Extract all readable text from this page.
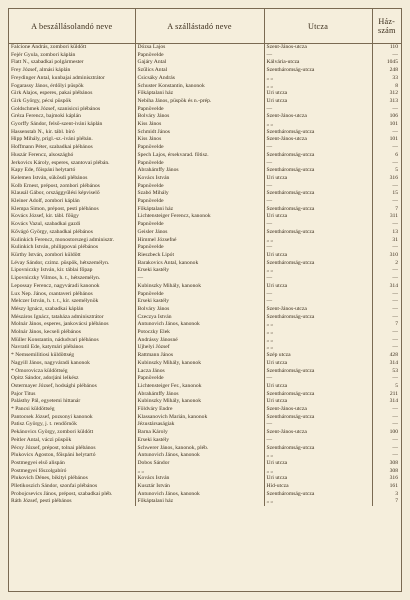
A beszállásolandó neve	A szállástadó neve	Utcza	Ház-
szám
Falcione András, zombori küldött	Dózsa Lajos	Szent-János-utcza	110
Fejér Gyula, zombori káplán	Papnövelde	—	—
Flatt N., szabadkai polgármester	Gajáry Antal	Kálvária-utcza	1045
Frey József, almási káplán	Szűlics Antal	Szentháromság-utcza	248
Freydinger Antal, kunbajai adminisztrátor	Csicsáky András	„ „	33
Fogarassy János, érdőlyi püspök	Schuster Konstantin, kanonok	„ „	8
Girk Alajos, esperes, pakai plébános	Főkáptalani ház	Úri utcza	312
Girk György, pécsi püspök	Nebiha János, püspök és n.-prép.	Úri utcza	313
Goldschmek József, szanisicsi plébános	Papnövelde	—	—
Gréza Ferencz, bajmoki káplán	Bolváry János	Szent-János-utcza	106
Gyorffy Sándor, felső-szent-iváni káplán	Kiss János	„ „	101
Hassenstab N., kir. tábl. bíró	Schmidt János	Szentháromság-utcza	—
Hipp Mihály, prigl.-sz.-iváni plébán.	Kiss János	Szent-János-utcza	101
Hoffmann Péter, szabadkai plébános	Papnövelde	—	—
Huszár Ferencz, alsoszághó	Spech Lajos, érsekvarad. főtisz.	Szentháromság-utcza	6
Jerkovics Károly, esperes, szantovai plébán.	Papnövelde	—	—
Kapy Ede, főispáni helytartó	Ábrahámffy János	Szentháromság-utcza	5
Kelemen István, sükösdi plébános	Kovács István	Úri utcza	316
Kolb Ernest, prépost, zombori plébános	Papnövelde	—	—
Klausál Gábor, országgyűlési képviselő	Szabó Mihály	Szentháromság-utcza	15
Kleiner Adolf, zombori káplán	Papnövelde	—	—
Klempa Simon, prépost, pesti plébános	Főkáptalani ház	Szentháromság-utcza	7
Kovács József, kir. tábl. főügy	Lichtensteiger Ferencz, kanonok	Úri utcza	311
Kovács Vazul, szabadkai gazdi	Papnövelde	—	—
Kővágó György, szabadkai plébános	Geisler János	Szentháromság-utcza	13
Kulinkich Ferencz, monostorszegi adminisztr.	Himmel Józsefné	„ „	31
Kulinkich István, philippovai plébános	Papnövelde	—	—
Kürthy István, zombori küldött	Rieszbeck Lipót	Úri utcza	310
Lévay Sándor, czimz. püspök, hétszemélyn.	Barakovics Antal, kanonok	Szentháromság-utcza	2
Lipovniczky István, kir. táblai főpap	Érseki kastély	„ „	—
Lipovniczky Vilmos, h. t., hétszemélyn.	—	—	—
Lepossay Ferencz, nagyváradi kanonok	Kubinszky Mihály, kanonok	Úri utcza	314
Lux Nep. János, csantaveri plébános	Papnövelde	—	—
Melczer István, h. t. t., kir. személynök	Érseki kastély	—	—
Mészy Ignácz, szabadkai káplán	Bolváry János	Szent-János-utcza	—
Mészáros Ignácz, tataháza adminisztrátor	Czeczya István	Szentháromság-utcza	—
Molnár János, esperes, jankovácsi plébános	Antunovich János, kanonok	„ „	7
Molnár János, kecseli plébános	Potoczky Elek	„ „	—
Müller Konstantin, nádudvari plébános	Andrássy Jánosné	„ „	—
Navratil Ede, katymári plébános	Ujhelyi József	„ „	—
* Nemsemilitiosi küldöttség	Rattmann János	Szép utcza	428
Nagyill János, nagyváradi kanonok	Kubinszky Mihály, kanonok	Úri utcza	314
* Omorovicza küldöttség	Lacza János	Szentháromság-utcza	53
Opitz Sándor, adorjáni lelkész	Papnövelde	—	—
Ostermayer József, hodsághi plébános	Lichtensteiger Fer., kanonok	Úri utcza	5
Pajor Titus	Ábrahámffy János	Szentháromság-utcza	211
Palásthy Pál, egyetemi hittanár	Kubinszky Mihály, kanonok	Úri utcza	314
* Pancsi küldöttség	Földváry Endre	Szent-János-utcza	—
Pantocsek József, pozsonyi kanonok	Klassanovich Marián, kanonok	Szentháromság-utcza	—
Patisz György, j. t. rendőrnök	Jézustársaságiak	—	—
Pekánovics György, zombori küldött	Barna Károly	Szent-János-utcza	100
Peitler Antal, váczi püspök	Érseki kastély	—	—
Pécsy József, prépost, tolnai plébános	Schwerer János, kanonok, pléb.	Szentháromság-utcza	—
Plukovics Ágoston, főispáni helytartó	Antunovich János, kanonok	„ „	—
Postmegyei első alispán	Dobos Sándor	Úri utcza	308
Postmegyei főszolgabíró	„ „	„ „	308
Plukovich Dénes, bikityi plébános	Kovács István	Úri utcza	316
Plletikoszich Sándor, szonfai plébános	Kusztár István	Híd-utcza	161
Probojcsevics János, prépost, szabadkai pléb.	Antunovich János, kanonok	Szentháromság-utcza	3
Ráth József, pesti plébános	Főkáptalani ház	„ „	7
